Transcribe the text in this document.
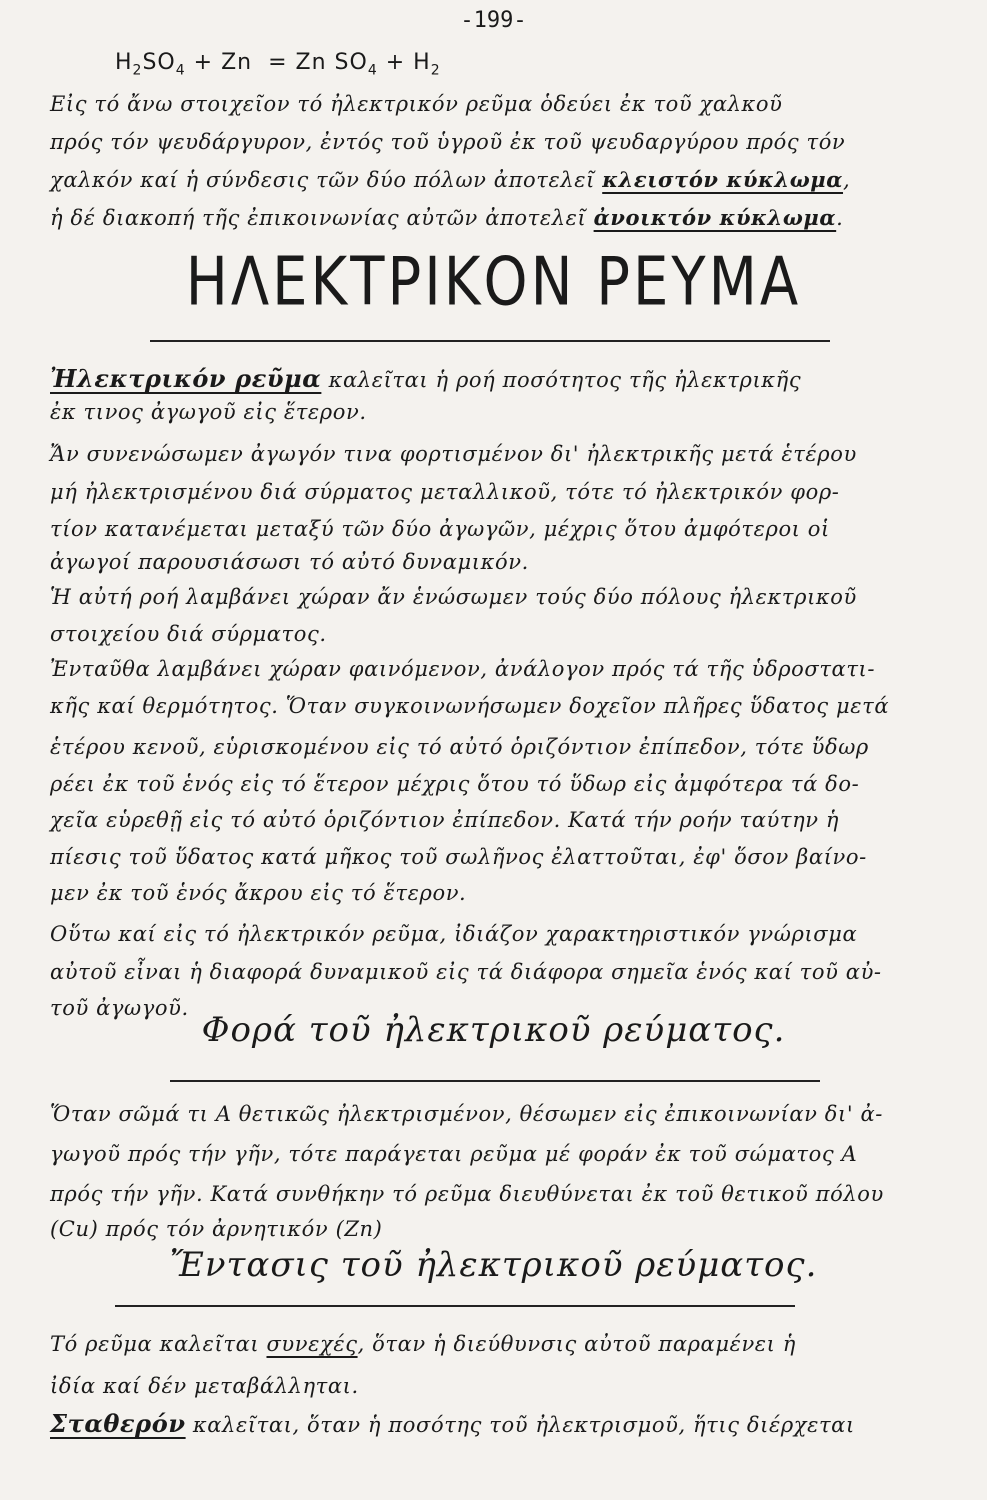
-199-
$H_2SO_4 + Zn = Zn$ $SO_4 + H_2$
Εἰς τό ἄνω στοιχεῖον τό ἠλεκτρικόν ρεῦμα ὁδεύει ἐκ τοῦ χαλκοῦ
πρός τόν ψευδάργυρον, ἐντός τοῦ ὑγροῦ ἐκ τοῦ ψευδαργύρου πρός τόν
χαλκόν καί ἡ σύνδεσις τῶν δύο πόλων ἀποτελεῖ κλειστόν κύκλωμα,
ἡ δέ διακοπή τῆς ἐπικοινωνίας αὐτῶν ἀποτελεῖ ἀνοικτόν κύκλωμα.
ΗΛΕΚΤΡΙΚΟΝ ΡΕΥΜΑ
Ἠλεκτρικόν ρεῦμα καλεῖται ἡ ροή ποσότητος τῆς ἠλεκτρικῆς
ἐκ τινος ἀγωγοῦ εἰς ἕτερον.
Ἄν συνενώσωμεν ἀγωγόν τινα φορτισμένον δι' ἠλεκτρικῆς μετά ἑτέρου
μή ἠλεκτρισμένου διά σύρματος μεταλλικοῦ, τότε τό ἠλεκτρικόν φορ-
τίον κατανέμεται μεταξύ τῶν δύο ἀγωγῶν, μέχρις ὅτου ἀμφότεροι οἱ
ἀγωγοί παρουσιάσωσι τό αὐτό δυναμικόν.
Ἡ αὐτή ροή λαμβάνει χώραν ἄν ἑνώσωμεν τούς δύο πόλους ἠλεκτρικοῦ
στοιχείου διά σύρματος.
Ἐνταῦθα λαμβάνει χώραν φαινόμενον, ἀνάλογον πρός τά τῆς ὑδροστατι-
κῆς καί θερμότητος. Ὅταν συγκοινωνήσωμεν δοχεῖον πλῆρες ὕδατος μετά
ἑτέρου κενοῦ, εὑρισκομένου εἰς τό αὐτό ὁριζόντιον ἐπίπεδον, τότε ὕδωρ
ρέει ἐκ τοῦ ἑνός εἰς τό ἕτερον μέχρις ὅτου τό ὕδωρ εἰς ἀμφότερα τά δο-
χεῖα εὑρεθῇ εἰς τό αὐτό ὁριζόντιον ἐπίπεδον. Κατά τήν ροήν ταύτην ἡ
πίεσις τοῦ ὕδατος κατά μῆκος τοῦ σωλῆνος ἐλαττοῦται, ἐφ' ὅσον βαίνο-
μεν ἐκ τοῦ ἑνός ἄκρου εἰς τό ἕτερον.
Οὕτω καί εἰς τό ἠλεκτρικόν ρεῦμα, ἰδιάζον χαρακτηριστικόν γνώρισμα
αὐτοῦ εἶναι ἡ διαφορά δυναμικοῦ εἰς τά διάφορα σημεῖα ἑνός καί τοῦ αὐ-
τοῦ ἀγωγοῦ.
Φορά τοῦ ἠλεκτρικοῦ ρεύματος.
Ὅταν σῶμά τι Α θετικῶς ἠλεκτρισμένον, θέσωμεν εἰς ἐπικοινωνίαν δι' ἀ-
γωγοῦ πρός τήν γῆν, τότε παράγεται ρεῦμα μέ φοράν ἐκ τοῦ σώματος Α
πρός τήν γῆν. Κατά συνθήκην τό ρεῦμα διευθύνεται ἐκ τοῦ θετικοῦ πόλου
(Cu) πρός τόν ἀρνητικόν (Zn)
Ἔντασις τοῦ ἠλεκτρικοῦ ρεύματος.
Τό ρεῦμα καλεῖται συνεχές, ὅταν ἡ διεύθυνσις αὐτοῦ παραμένει ἡ
ἰδία καί δέν μεταβάλληται.
Σταθερόν καλεῖται, ὅταν ἡ ποσότης τοῦ ἠλεκτρισμοῦ, ἥτις διέρχεται
